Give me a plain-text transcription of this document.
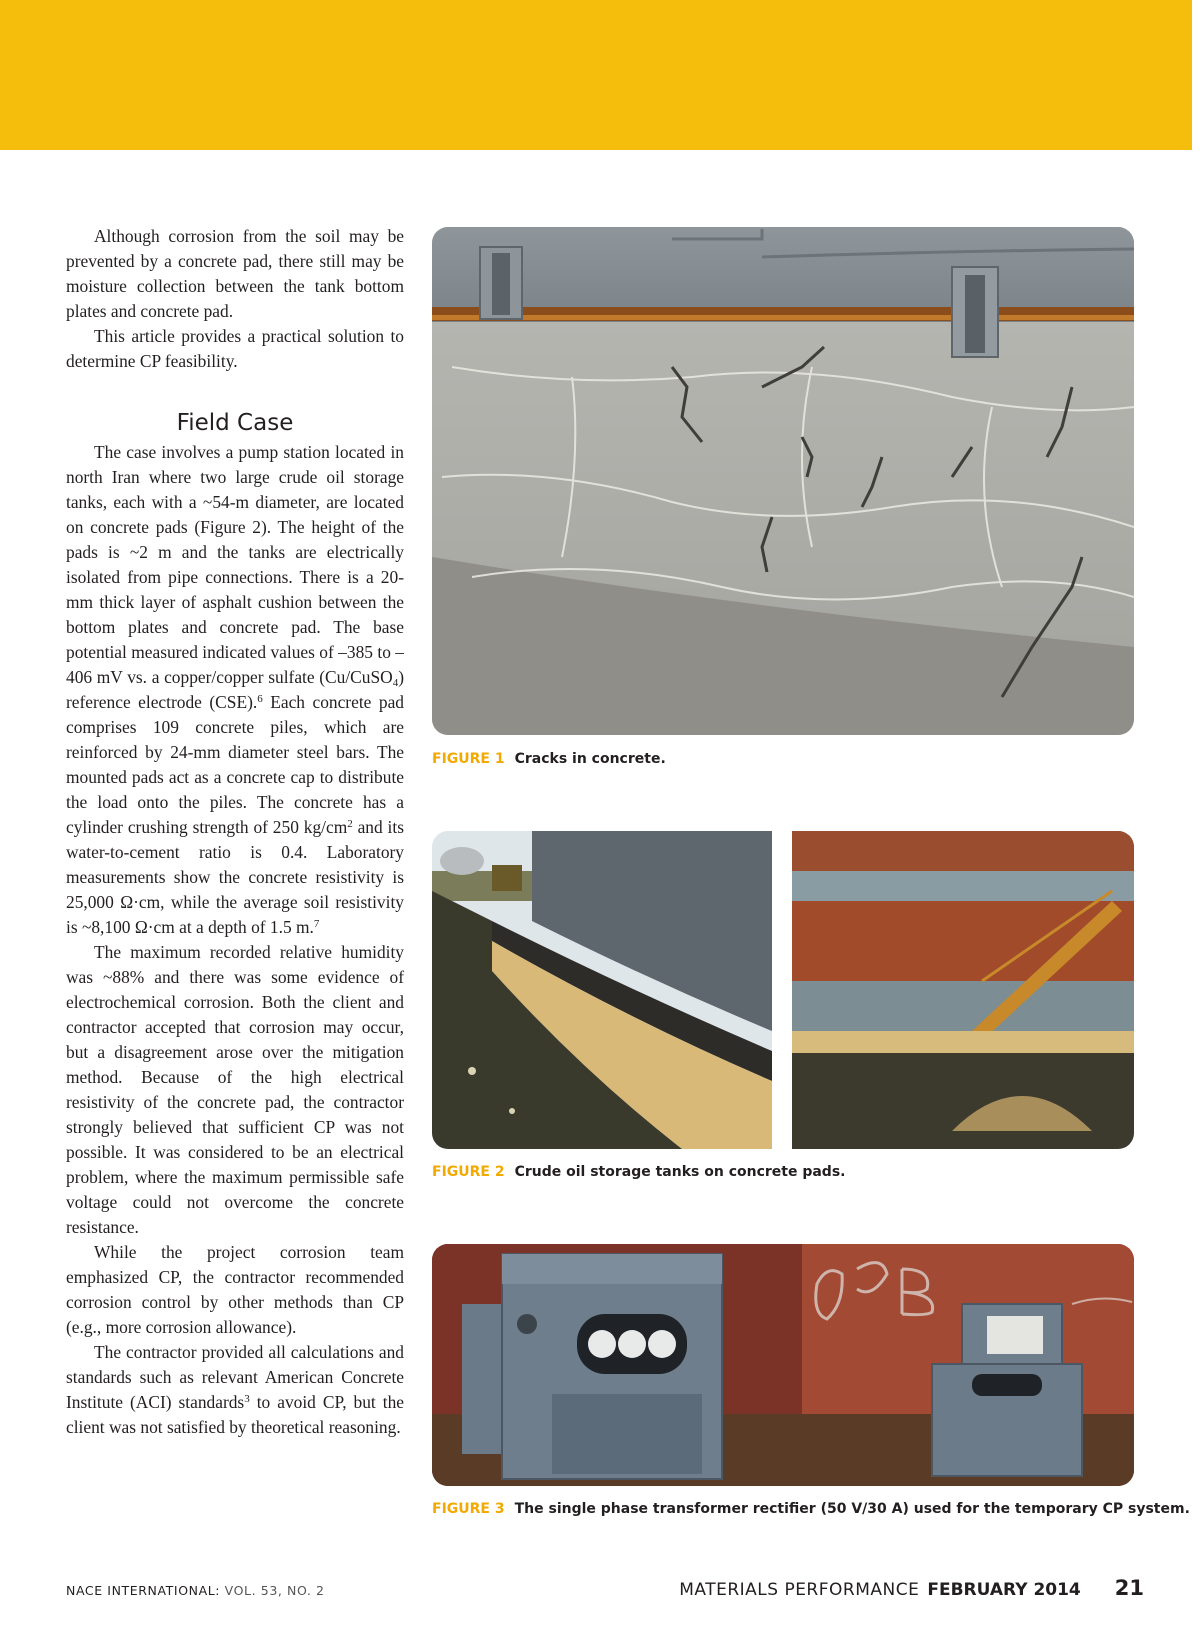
Although corrosion from the soil may be prevented by a concrete pad, there still may be moisture collection between the tank bottom plates and concrete pad.

This article provides a practical solution to determine CP feasibility.

Field Case

The case involves a pump station located in north Iran where two large crude oil storage tanks, each with a ~54-m diameter, are located on concrete pads (Figure 2). The height of the pads is ~2 m and the tanks are electrically isolated from pipe connections. There is a 20-mm thick layer of asphalt cushion between the bottom plates and concrete pad. The base potential measured indicated values of –385 to –406 mV vs. a copper/copper sulfate (Cu/CuSO$_4$) reference electrode (CSE).$^6$ Each concrete pad comprises 109 concrete piles, which are reinforced by 24-mm diameter steel bars. The mounted pads act as a concrete cap to distribute the load onto the piles. The concrete has a cylinder crushing strength of 250 $kg/cm^2$ and its water-to-cement ratio is 0.4. Laboratory measurements show the concrete resistivity is 25,000 Ω·cm, while the average soil resistivity is ~8,100 Ω·cm at a depth of 1.5 m.$^7$

The maximum recorded relative humidity was ~88% and there was some evidence of electrochemical corrosion. Both the client and contractor accepted that corrosion may occur, but a disagreement arose over the mitigation method. Because of the high electrical resistivity of the concrete pad, the contractor strongly believed that sufficient CP was not possible. It was considered to be an electrical problem, where the maximum permissible safe voltage could not overcome the concrete resistance.

While the project corrosion team emphasized CP, the contractor recommended corrosion control by other methods than CP (e.g., more corrosion allowance).

The contractor provided all calculations and standards such as relevant American Concrete Institute (ACI) standards$^3$ to avoid CP, but the client was not satisfied by theoretical reasoning.

FIGURE 1 Cracks in concrete.
FIGURE 2 Crude oil storage tanks on concrete pads.
FIGURE 3 The single phase transformer rectifier (50 V/30 A) used for the temporary CP system.
NACE INTERNATIONAL: VOL. 53, NO. 2	MATERIALS PERFORMANCE FEBRUARY 2014 21
